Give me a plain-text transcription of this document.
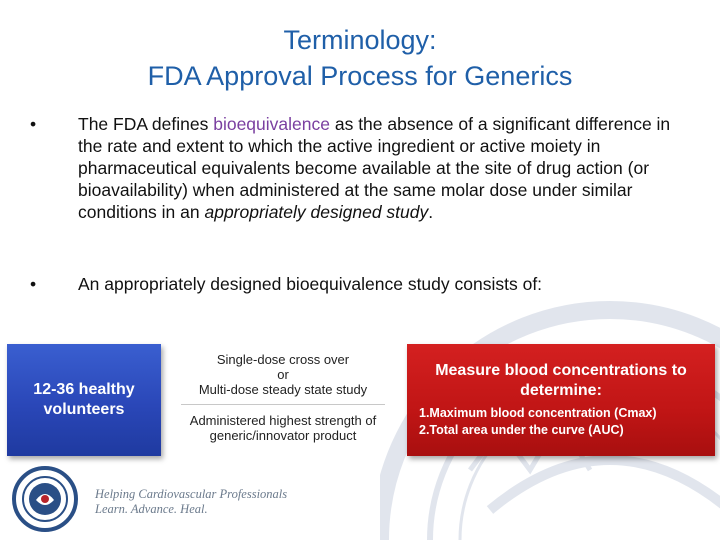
Terminology:
FDA Approval Process for Generics
•	The FDA defines bioequivalence as the absence of a significant difference in the rate and extent to which the active ingredient or active moiety in pharmaceutical equivalents become available at the site of drug action (or bioavailability) when administered at the same molar dose under similar conditions in an appropriately designed study.
•	An appropriately designed bioequivalence study consists of:
12-36 healthy volunteers
Single-dose cross over
or
Multi-dose steady state study
Administered highest strength of generic/innovator product
Measure blood concentrations to determine:
1.Maximum blood concentration (Cmax)
2.Total area under the curve (AUC)
Helping Cardiovascular Professionals
Learn. Advance. Heal.
